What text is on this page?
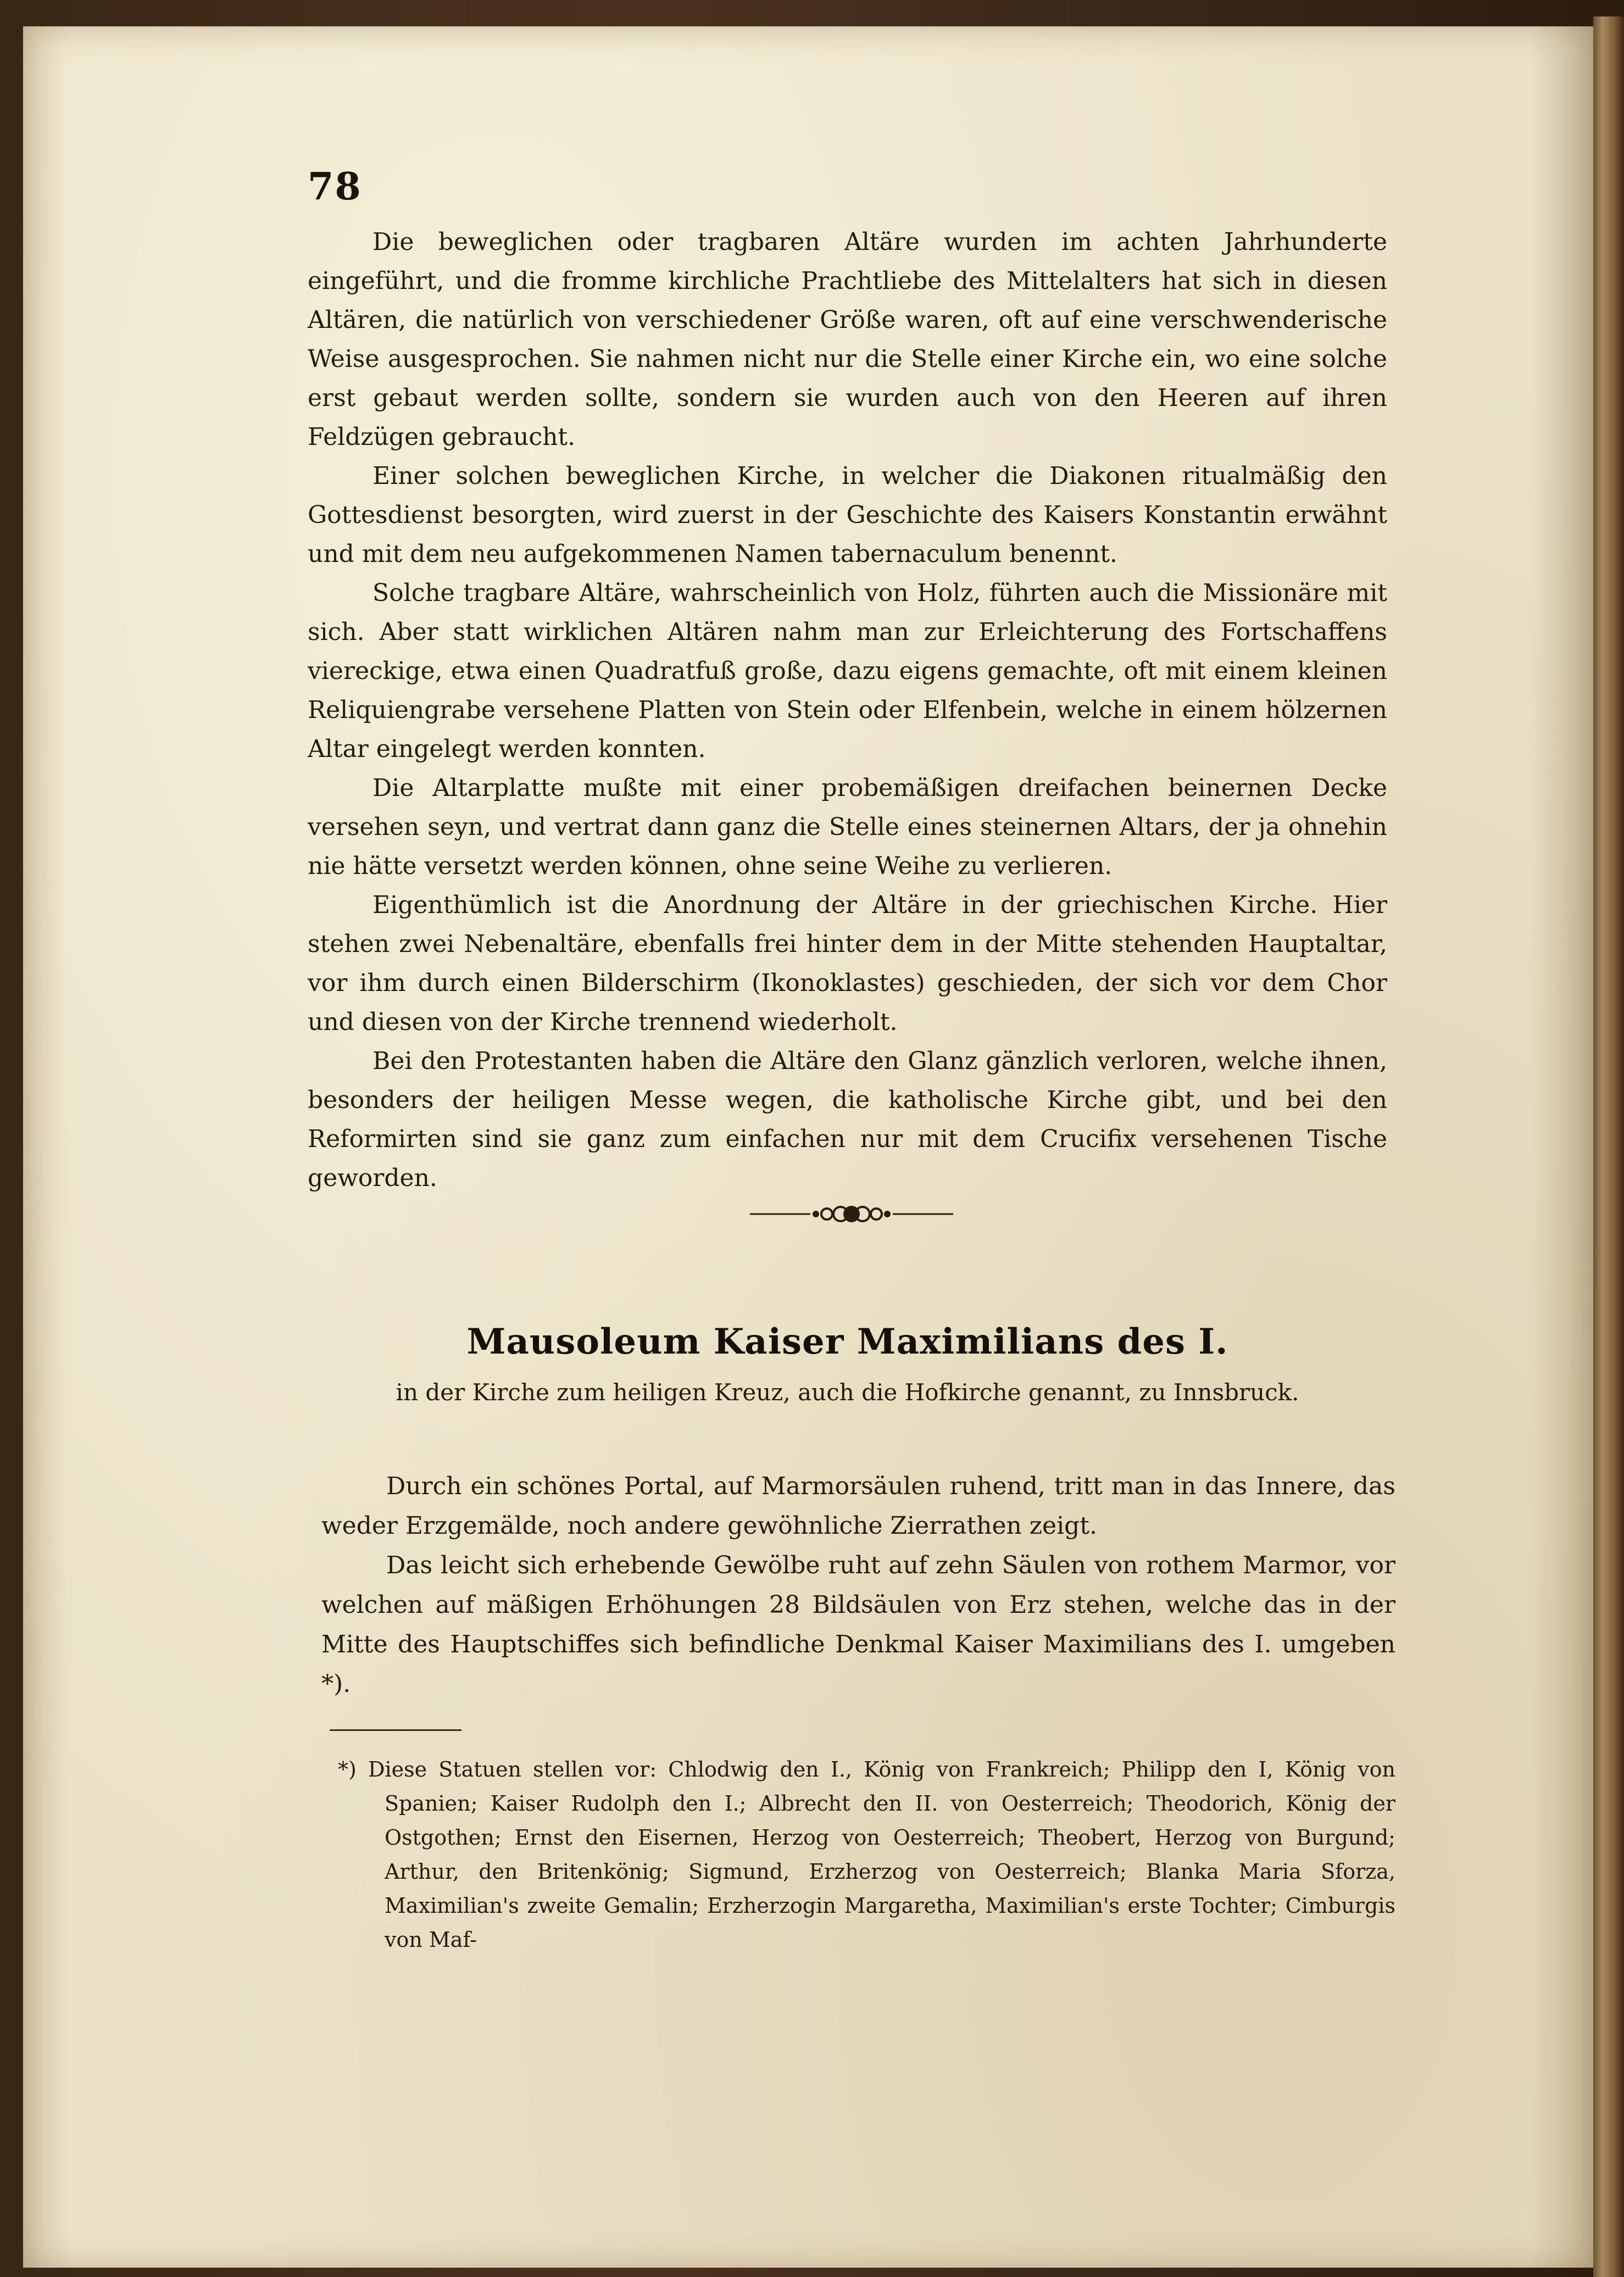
78

Die beweglichen oder tragbaren Altäre wurden im achten Jahrhunderte eingeführt, und die fromme kirchliche Prachtliebe des Mittelalters hat sich in diesen Altären, die natürlich von verschiedener Größe waren, oft auf eine verschwenderische Weise ausgesprochen. Sie nahmen nicht nur die Stelle einer Kirche ein, wo eine solche erst gebaut werden sollte, sondern sie wurden auch von den Heeren auf ihren Feldzügen gebraucht.

Einer solchen beweglichen Kirche, in welcher die Diakonen ritualmäßig den Gottesdienst besorgten, wird zuerst in der Geschichte des Kaisers Konstantin erwähnt und mit dem neu aufgekommenen Namen tabernaculum benennt.

Solche tragbare Altäre, wahrscheinlich von Holz, führten auch die Missionäre mit sich. Aber statt wirklichen Altären nahm man zur Erleichterung des Fortschaffens viereckige, etwa einen Quadratfuß große, dazu eigens gemachte, oft mit einem kleinen Reliquiengrabe versehene Platten von Stein oder Elfenbein, welche in einem hölzernen Altar eingelegt werden konnten.

Die Altarplatte mußte mit einer probemäßigen dreifachen beinernen Decke versehen seyn, und vertrat dann ganz die Stelle eines steinernen Altars, der ja ohnehin nie hätte versetzt werden können, ohne seine Weihe zu verlieren.

Eigenthümlich ist die Anordnung der Altäre in der griechischen Kirche. Hier stehen zwei Nebenaltäre, ebenfalls frei hinter dem in der Mitte stehenden Hauptaltar, vor ihm durch einen Bilderschirm (Ikonoklastes) geschieden, der sich vor dem Chor und diesen von der Kirche trennend wiederholt.

Bei den Protestanten haben die Altäre den Glanz gänzlich verloren, welche ihnen, besonders der heiligen Messe wegen, die katholische Kirche gibt, und bei den Reformirten sind sie ganz zum einfachen nur mit dem Crucifix versehenen Tische geworden.

Mausoleum Kaiser Maximilians des I.
in der Kirche zum heiligen Kreuz, auch die Hofkirche genannt, zu Innsbruck.

Durch ein schönes Portal, auf Marmorsäulen ruhend, tritt man in das Innere, das weder Erzgemälde, noch andere gewöhnliche Zierrathen zeigt.

Das leicht sich erhebende Gewölbe ruht auf zehn Säulen von rothem Marmor, vor welchen auf mäßigen Erhöhungen 28 Bildsäulen von Erz stehen, welche das in der Mitte des Hauptschiffes sich befindliche Denkmal Kaiser Maximilians des I. umgeben *).

*) Diese Statuen stellen vor: Chlodwig den I., König von Frankreich; Philipp den I, König von Spanien; Kaiser Rudolph den I.; Albrecht den II. von Oesterreich; Theodorich, König der Ostgothen; Ernst den Eisernen, Herzog von Oesterreich; Theobert, Herzog von Burgund; Arthur, den Britenkönig; Sigmund, Erzherzog von Oesterreich; Blanka Maria Sforza, Maximilian's zweite Gemalin; Erzherzogin Margaretha, Maximilian's erste Tochter; Cimburgis von Maf-
